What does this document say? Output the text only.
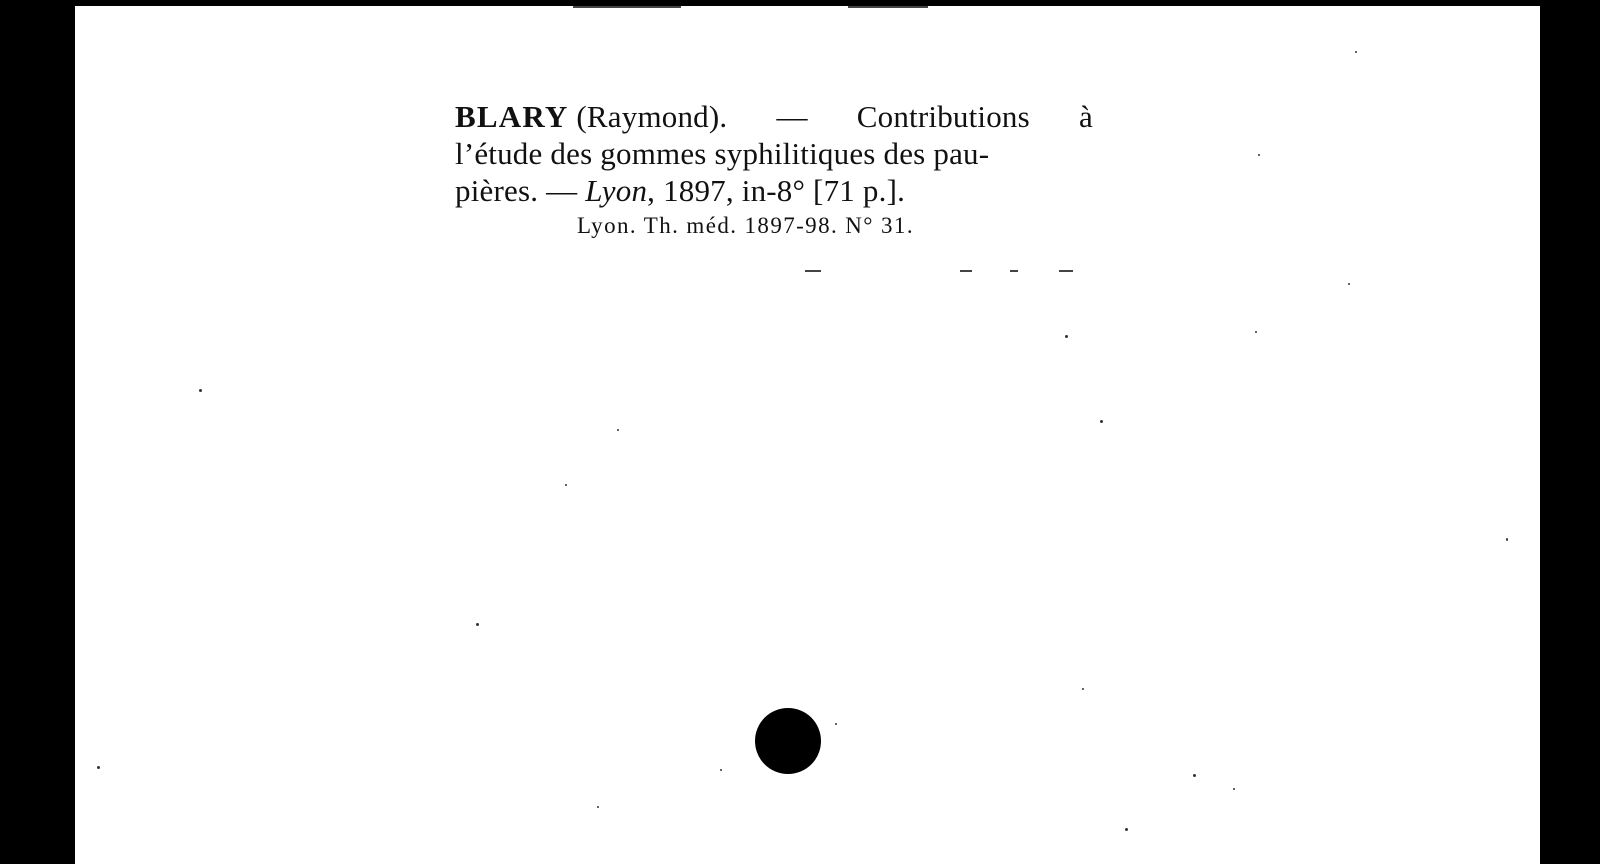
BLARY (Raymond). — Contributions à
l’étude des gommes syphilitiques des pau-
pières. — Lyon, 1897, in-8° [71 p.].
Lyon. Th. méd. 1897-98. N° 31.
